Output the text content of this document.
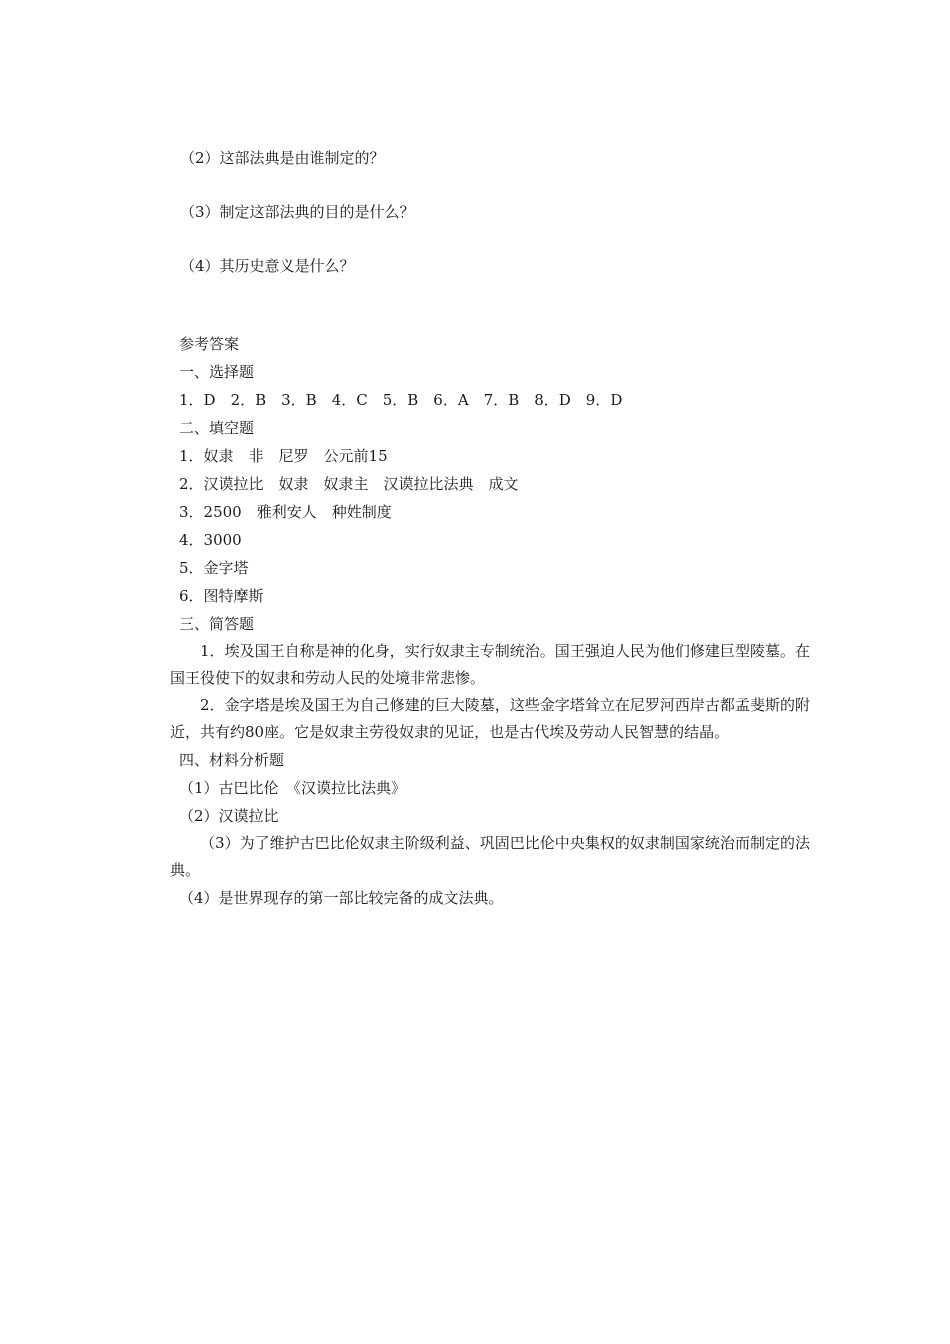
（2）这部法典是由谁制定的？
（3）制定这部法典的目的是什么？
（4）其历史意义是什么？
参考答案
一、选择题
1．D　2．B　3．B　4．C　5．B　6．A　7．B　8．D　9．D
二、填空题
1．奴隶　非　尼罗　公元前15
2．汉谟拉比　奴隶　奴隶主　汉谟拉比法典　成文
3．2500　雅利安人　种姓制度
4．3000
5．金字塔
6．图特摩斯
三、简答题

1．埃及国王自称是神的化身，实行奴隶主专制统治。国王强迫人民为他们修建巨型陵墓。在国王役使下的奴隶和劳动人民的处境非常悲惨。

2．金字塔是埃及国王为自己修建的巨大陵墓，这些金字塔耸立在尼罗河西岸古都孟斐斯的附近，共有约80座。它是奴隶主劳役奴隶的见证，也是古代埃及劳动人民智慧的结晶。

四、材料分析题
（1）古巴比伦　《汉谟拉比法典》
（2）汉谟拉比

（3）为了维护古巴比伦奴隶主阶级利益、巩固巴比伦中央集权的奴隶制国家统治而制定的法典。

（4）是世界现存的第一部比较完备的成文法典。
